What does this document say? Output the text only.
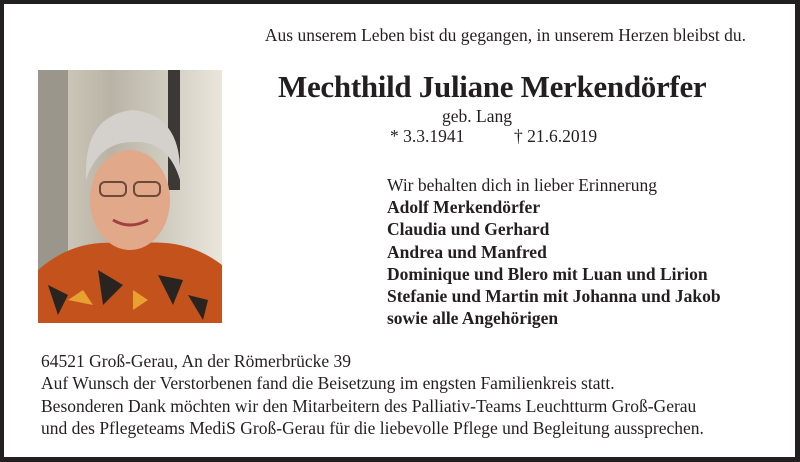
Aus unserem Leben bist du gegangen, in unserem Herzen bleibst du.
Mechthild Juliane Merkendörfer
geb. Lang
* 3.3.1941	† 21.6.2019
Wir behalten dich in lieber Erinnerung
Adolf Merkendörfer
Claudia und Gerhard
Andrea und Manfred
Dominique und Blero mit Luan und Lirion
Stefanie und Martin mit Johanna und Jakob
sowie alle Angehörigen
64521 Groß-Gerau, An der Römerbrücke 39
Auf Wunsch der Verstorbenen fand die Beisetzung im engsten Familienkreis statt.
Besonderen Dank möchten wir den Mitarbeitern des Palliativ-Teams Leuchtturm Groß-Gerau
und des Pflegeteams MediS Groß-Gerau für die liebevolle Pflege und Begleitung aussprechen.
